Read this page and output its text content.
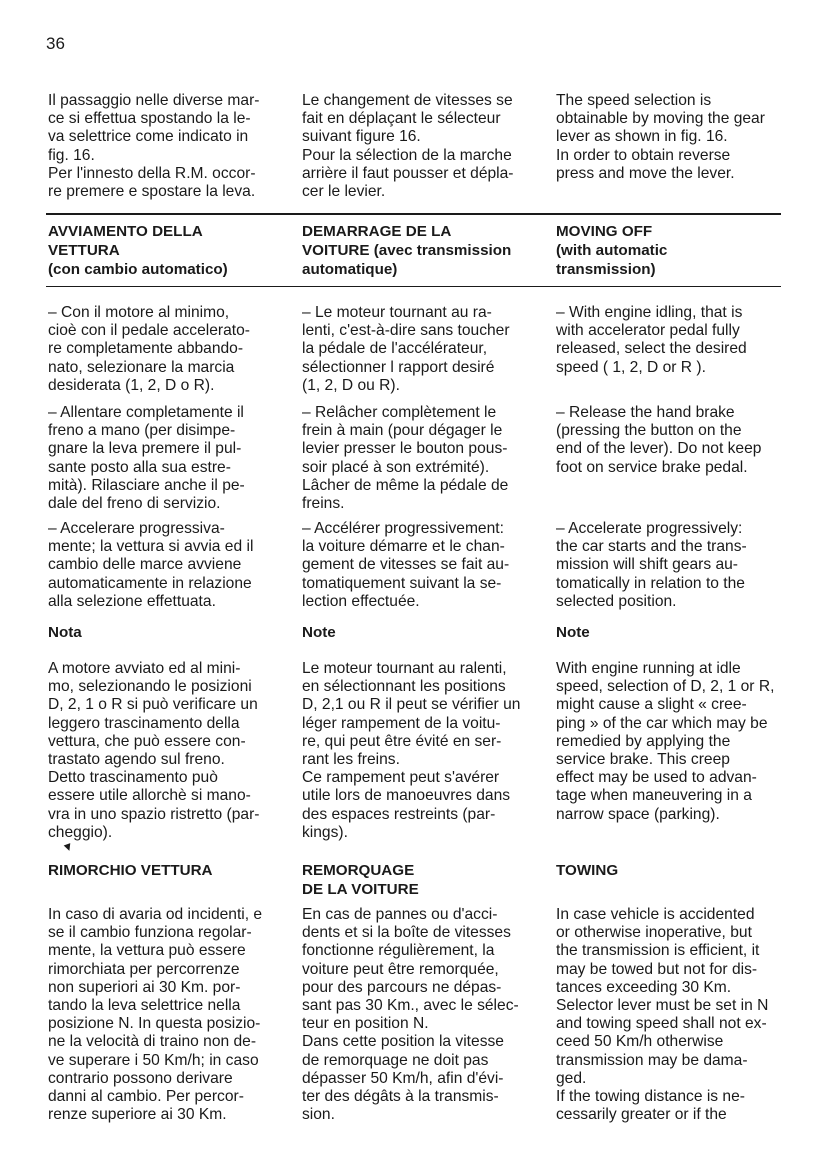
36
▼

Il passaggio nelle diverse mar-
ce si effettua spostando la le-
va selettrice come indicato in
fig. 16.

Per l'innesto della R.M. occor-
re premere e spostare la leva.

AVVIAMENTO DELLA
VETTURA
(con cambio automatico)

– Con il motore al minimo,
cioè con il pedale accelerato-
re completamente abbando-
nato, selezionare la marcia
desiderata (1, 2, D o R).

– Allentare completamente il
freno a mano (per disimpe-
gnare la leva premere il pul-
sante posto alla sua estre-
mità). Rilasciare anche il pe-
dale del freno di servizio.

– Accelerare progressiva-
mente; la vettura si avvia ed il
cambio delle marce avviene
automaticamente in relazione
alla selezione effettuata.

Nota

A motore avviato ed al mini-
mo, selezionando le posizioni
D, 2, 1 o R si può verificare un
leggero trascinamento della
vettura, che può essere con-
trastato agendo sul freno.
Detto trascinamento può
essere utile allorchè si mano-
vra in uno spazio ristretto (par-
cheggio).

RIMORCHIO VETTURA

In caso di avaria od incidenti, e
se il cambio funziona regolar-
mente, la vettura può essere
rimorchiata per percorrenze
non superiori ai 30 Km. por-
tando la leva selettrice nella
posizione N. In questa posizio-
ne la velocità di traino non de-
ve superare i 50 Km/h; in caso
contrario possono derivare
danni al cambio. Per percor-
renze superiore ai 30 Km.

Le changement de vitesses se
fait en déplaçant le sélecteur
suivant figure 16.

Pour la sélection de la marche
arrière il faut pousser et dépla-
cer le levier.

DEMARRAGE DE LA
VOITURE (avec transmission
automatique)

– Le moteur tournant au ra-
lenti, c'est-à-dire sans toucher
la pédale de l'accélérateur,
sélectionner l rapport desiré
(1, 2, D ou R).

– Relâcher complètement le
frein à main (pour dégager le
levier presser le bouton pous-
soir placé à son extrémité).
Lâcher de même la pédale de
freins.

– Accélérer progressivement:
la voiture démarre et le chan-
gement de vitesses se fait au-
tomatiquement suivant la se-
lection effectuée.

Note

Le moteur tournant au ralenti,
en sélectionnant les positions
D, 2,1 ou R il peut se vérifier un
léger rampement de la voitu-
re, qui peut être évité en ser-
rant les freins.
Ce rampement peut s'avérer
utile lors de manoeuvres dans
des espaces restreints (par-
kings).

REMORQUAGE
DE LA VOITURE

En cas de pannes ou d'acci-
dents et si la boîte de vitesses
fonctionne régulièrement, la
voiture peut être remorquée,
pour des parcours ne dépas-
sant pas 30 Km., avec le sélec-
teur en position N.
Dans cette position la vitesse
de remorquage ne doit pas
dépasser 50 Km/h, afin d'évi-
ter des dégâts à la transmis-
sion.

The speed selection is
obtainable by moving the gear
lever as shown in fig. 16.

In order to obtain reverse
press and move the lever.

MOVING OFF
(with automatic
transmission)

– With engine idling, that is
with accelerator pedal fully
released, select the desired
speed ( 1, 2, D or R ).

– Release the hand brake
(pressing the button on the
end of the lever). Do not keep
foot on service brake pedal.

– Accelerate progressively:
the car starts and the trans-
mission will shift gears au-
tomatically in relation to the
selected position.

Note

With engine running at idle
speed, selection of D, 2, 1 or R,
might cause a slight « cree-
ping » of the car which may be
remedied by applying the
service brake. This creep
effect may be used to advan-
tage when maneuvering in a
narrow space (parking).

TOWING

In case vehicle is accidented
or otherwise inoperative, but
the transmission is efficient, it
may be towed but not for dis-
tances exceeding 30 Km.
Selector lever must be set in N
and towing speed shall not ex-
ceed 50 Km/h otherwise
transmission may be dama-
ged.
If the towing distance is ne-
cessarily greater or if the
